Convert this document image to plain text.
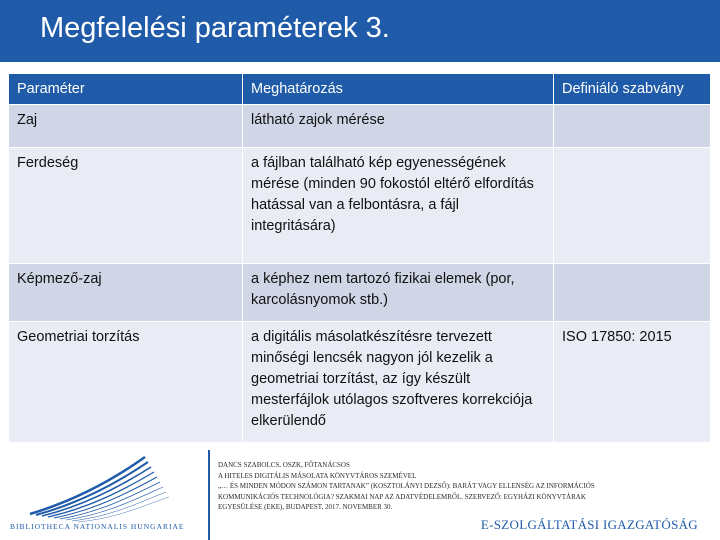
Megfelelési paraméterek 3.
Paraméter	Meghatározás	Definiáló szabvány
Zaj	látható zajok mérése	
Ferdeség	a fájlban található kép egyenességének mérése (minden 90 fokostól eltérő elfordítás hatással van a felbontásra, a fájl integritására)	
Képmező-zaj	a képhez nem tartozó fizikai elemek (por, karcolásnyomok stb.)	
Geometriai torzítás	a digitális másolatkészítésre tervezett minőségi lencsék nagyon jól kezelik a geometriai torzítást, az így készült mesterfájlok utólagos szoftveres korrekciója elkerülendő	ISO 17850: 2015
BIBLIOTHECA NATIONALIS HUNGARIAE
DANCS SZABOLCS, OSZK, FŐTANÁCSOS
A HITELES DIGITÁLIS MÁSOLATA KÖNYVTÁROS SZEMÉVEL
„… ÉS MINDEN MÓDON SZÁMON TARTANAK” (KOSZTOLÁNYI DEZSŐ): BARÁT VAGY ELLENSÉG AZ INFORMÁCIÓS
KOMMUNIKÁCIÓS TECHNOLÓGIA? SZAKMAI NAP AZ ADATVÉDELEMRŐL. SZERVEZŐ: EGYHÁZI KÖNYVTÁRAK
EGYESÜLÉSE (EKE), BUDAPEST, 2017. NOVEMBER 30.
E-SZOLGÁLTATÁSI IGAZGATÓSÁG
